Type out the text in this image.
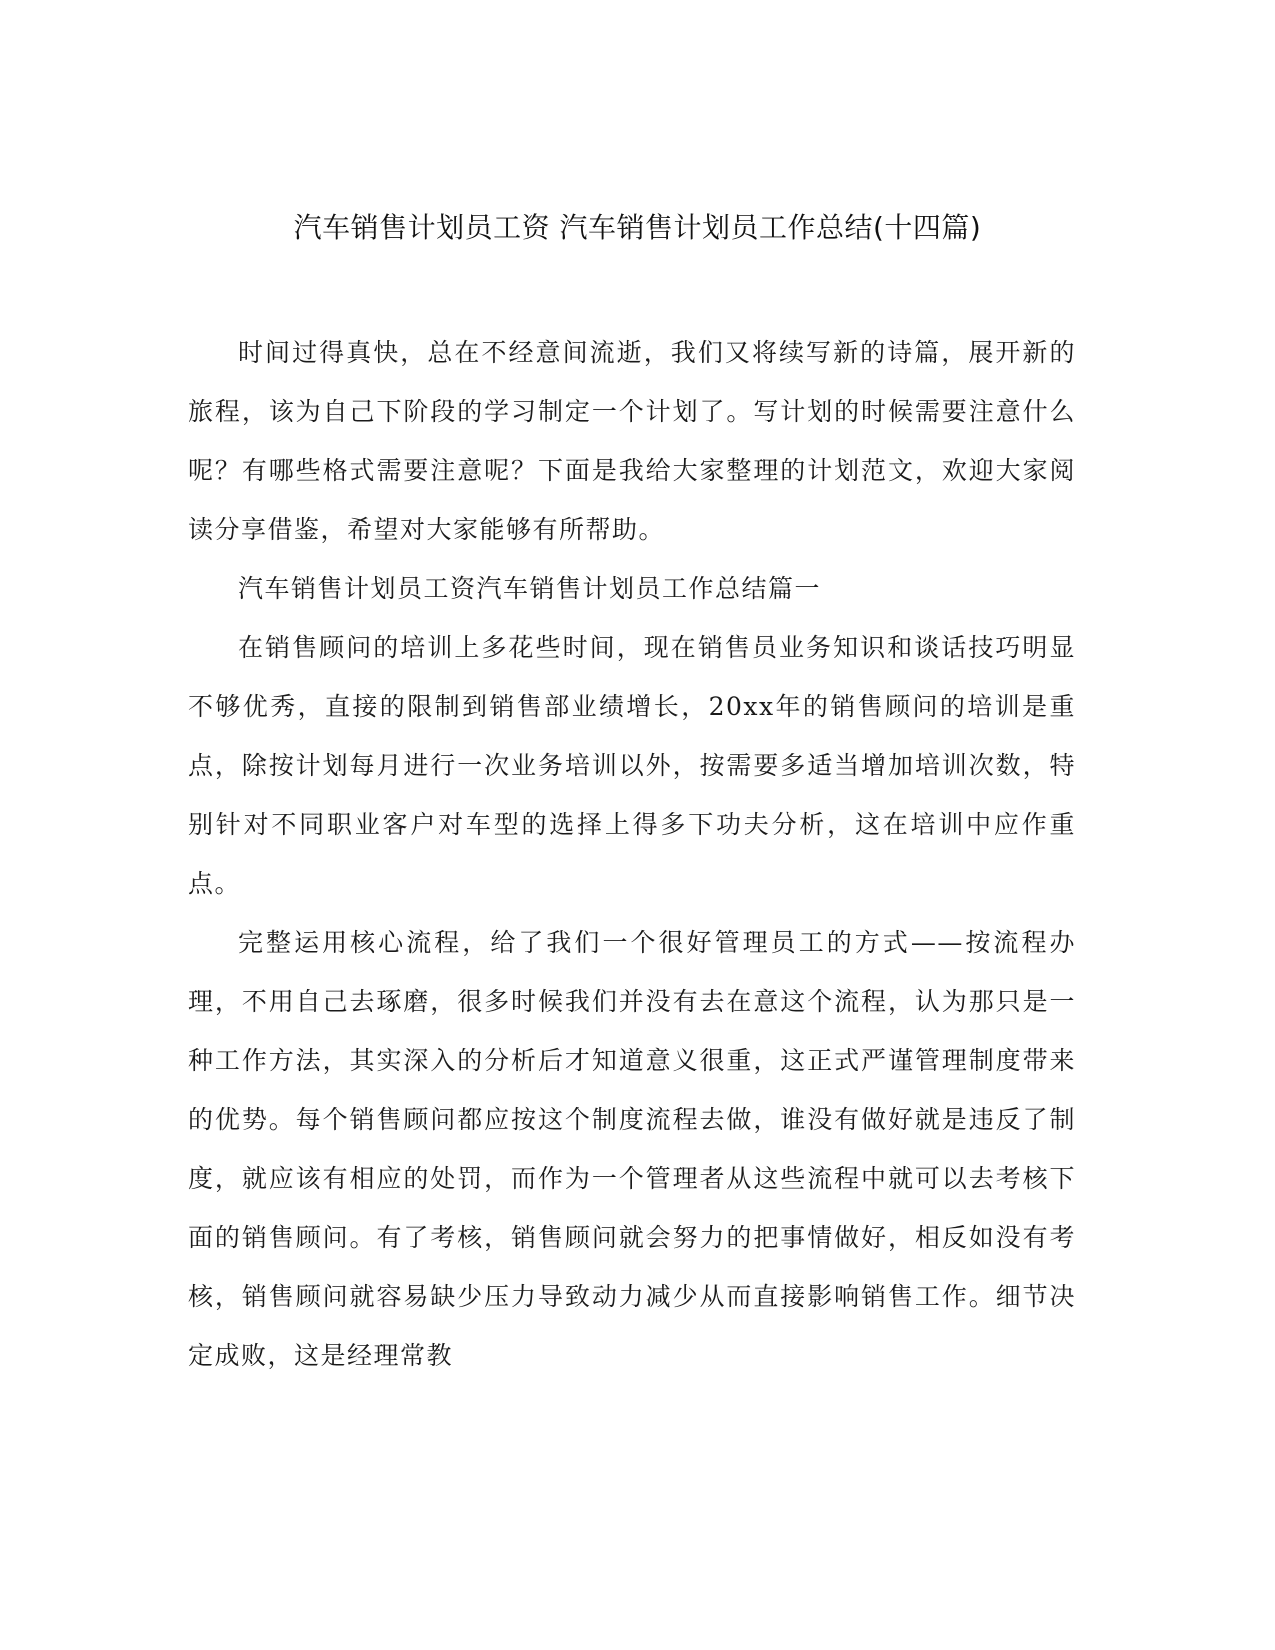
汽车销售计划员工资 汽车销售计划员工作总结(十四篇)

时间过得真快，总在不经意间流逝，我们又将续写新的诗篇，展开新的旅程，该为自己下阶段的学习制定一个计划了。写计划的时候需要注意什么呢？有哪些格式需要注意呢？下面是我给大家整理的计划范文，欢迎大家阅读分享借鉴，希望对大家能够有所帮助。

汽车销售计划员工资汽车销售计划员工作总结篇一

在销售顾问的培训上多花些时间，现在销售员业务知识和谈话技巧明显不够优秀，直接的限制到销售部业绩增长，20xx年的销售顾问的培训是重点，除按计划每月进行一次业务培训以外，按需要多适当增加培训次数，特别针对不同职业客户对车型的选择上得多下功夫分析，这在培训中应作重点。

完整运用核心流程，给了我们一个很好管理员工的方式——按流程办理，不用自己去琢磨，很多时候我们并没有去在意这个流程，认为那只是一种工作方法，其实深入的分析后才知道意义很重，这正式严谨管理制度带来的优势。每个销售顾问都应按这个制度流程去做，谁没有做好就是违反了制度，就应该有相应的处罚，而作为一个管理者从这些流程中就可以去考核下面的销售顾问。有了考核，销售顾问就会努力的把事情做好，相反如没有考核，销售顾问就容易缺少压力导致动力减少从而直接影响销售工作。细节决定成败，这是经理常教
